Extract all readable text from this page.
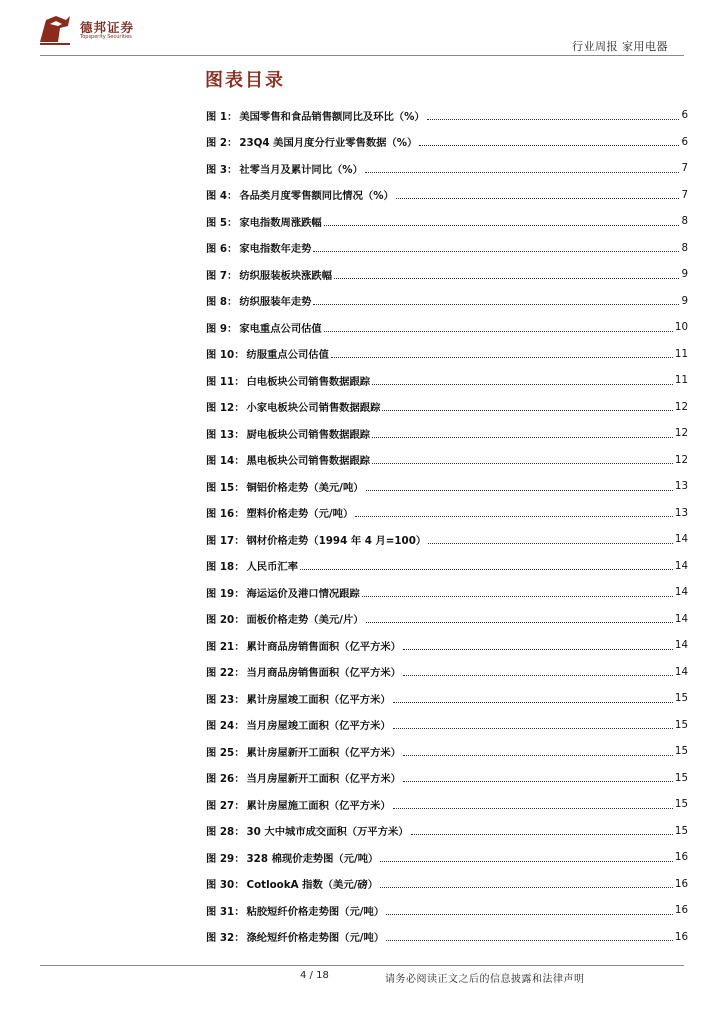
德邦证券
Topsperity Securities
行业周报 家用电器
图表目录
图 1： 美国零售和食品销售额同比及环比（%）	6
图 2： 23Q4 美国月度分行业零售数据（%）	6
图 3： 社零当月及累计同比（%）	7
图 4： 各品类月度零售额同比情况（%）	7
图 5： 家电指数周涨跌幅	8
图 6： 家电指数年走势	8
图 7： 纺织服装板块涨跌幅	9
图 8： 纺织服装年走势	9
图 9： 家电重点公司估值	10
图 10： 纺服重点公司估值	11
图 11： 白电板块公司销售数据跟踪	11
图 12： 小家电板块公司销售数据跟踪	12
图 13： 厨电板块公司销售数据跟踪	12
图 14： 黑电板块公司销售数据跟踪	12
图 15： 铜铝价格走势（美元/吨）	13
图 16： 塑料价格走势（元/吨）	13
图 17： 钢材价格走势（1994 年 4 月=100）	14
图 18： 人民币汇率	14
图 19： 海运运价及港口情况跟踪	14
图 20： 面板价格走势（美元/片）	14
图 21： 累计商品房销售面积（亿平方米）	14
图 22： 当月商品房销售面积（亿平方米）	14
图 23： 累计房屋竣工面积（亿平方米）	15
图 24： 当月房屋竣工面积（亿平方米）	15
图 25： 累计房屋新开工面积（亿平方米）	15
图 26： 当月房屋新开工面积（亿平方米）	15
图 27： 累计房屋施工面积（亿平方米）	15
图 28： 30 大中城市成交面积（万平方米）	15
图 29： 328 棉现价走势图（元/吨）	16
图 30： CotlookA 指数（美元/磅）	16
图 31： 粘胶短纤价格走势图（元/吨）	16
图 32： 涤纶短纤价格走势图（元/吨）	16
4 / 18	请务必阅读正文之后的信息披露和法律声明
